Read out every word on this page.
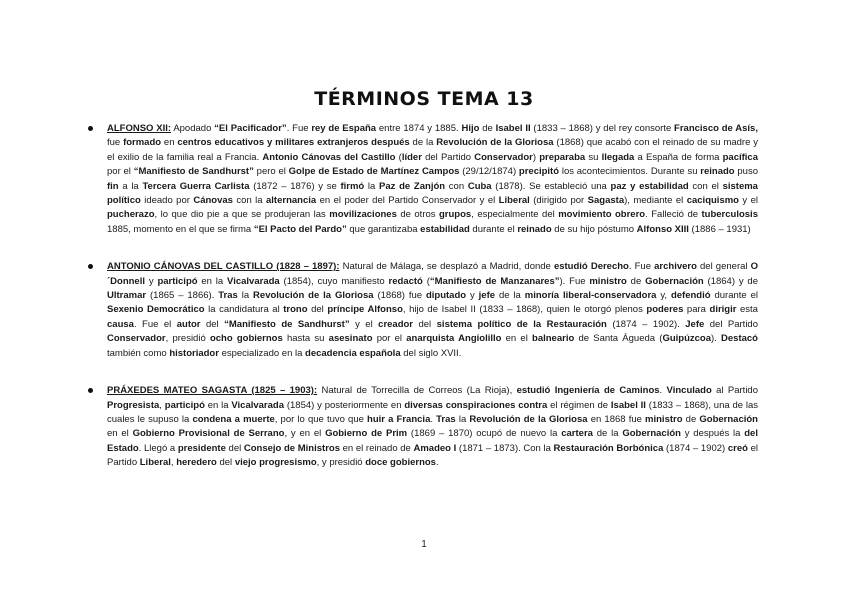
TÉRMINOS TEMA 13

ALFONSO XII: Apodado “El Pacificador”. Fue rey de España entre 1874 y 1885. Hijo de Isabel II (1833 – 1868) y del rey consorte Francisco de Asís, fue formado en centros educativos y militares extranjeros después de la Revolución de la Gloriosa (1868) que acabó con el reinado de su madre y el exilio de la familia real a Francia. Antonio Cánovas del Castillo (líder del Partido Conservador) preparaba su llegada a España de forma pacífica por el “Manifiesto de Sandhurst” pero el Golpe de Estado de Martínez Campos (29/12/1874) precipitó los acontecimientos. Durante su reinado puso fin a la Tercera Guerra Carlista (1872 – 1876) y se firmó la Paz de Zanjón con Cuba (1878). Se estableció una paz y estabilidad con el sistema político ideado por Cánovas con la alternancia en el poder del Partido Conservador y el Liberal (dirigido por Sagasta), mediante el caciquismo y el pucherazo, lo que dio pie a que se produjeran las movilizaciones de otros grupos, especialmente del movimiento obrero. Falleció de tuberculosis 1885, momento en el que se firma “El Pacto del Pardo” que garantizaba estabilidad durante el reinado de su hijo póstumo Alfonso XIII (1886 – 1931)

ANTONIO CÁNOVAS DEL CASTILLO (1828 – 1897): Natural de Málaga, se desplazó a Madrid, donde estudió Derecho. Fue archivero del general O´Donnell y participó en la Vicalvarada (1854), cuyo manifiesto redactó (“Manifiesto de Manzanares”). Fue ministro de Gobernación (1864) y de Ultramar (1865 – 1866). Tras la Revolución de la Gloriosa (1868) fue diputado y jefe de la minoría liberal-conservadora y, defendió durante el Sexenio Democrático la candidatura al trono del príncipe Alfonso, hijo de Isabel II (1833 – 1868), quien le otorgó plenos poderes para dirigir esta causa. Fue el autor del “Manifiesto de Sandhurst” y el creador del sistema político de la Restauración (1874 – 1902). Jefe del Partido Conservador, presidió ocho gobiernos hasta su asesinato por el anarquista Angiolillo en el balneario de Santa Águeda (Guipúzcoa). Destacó también como historiador especializado en la decadencia española del siglo XVII.

PRÁXEDES MATEO SAGASTA (1825 – 1903): Natural de Torrecilla de Correos (La Rioja), estudió Ingeniería de Caminos. Vinculado al Partido Progresista, participó en la Vicalvarada (1854) y posteriormente en diversas conspiraciones contra el régimen de Isabel II (1833 – 1868), una de las cuales le supuso la condena a muerte, por lo que tuvo que huir a Francia. Tras la Revolución de la Gloriosa en 1868 fue ministro de Gobernación en el Gobierno Provisional de Serrano, y en el Gobierno de Prim (1869 – 1870) ocupó de nuevo la cartera de la Gobernación y después la del Estado. Llegó a presidente del Consejo de Ministros en el reinado de Amadeo I (1871 – 1873). Con la Restauración Borbónica (1874 – 1902) creó el Partido Liberal, heredero del viejo progresismo, y presidió doce gobiernos.

1
